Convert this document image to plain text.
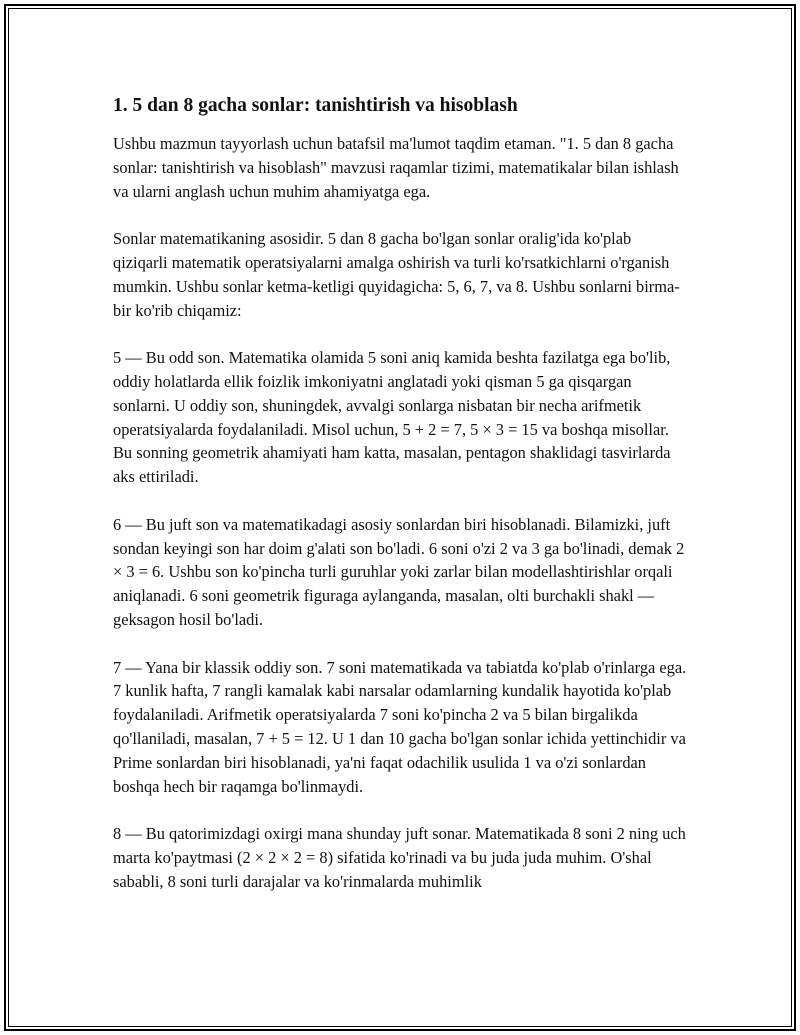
1. 5 dan 8 gacha sonlar: tanishtirish va hisoblash

Ushbu mazmun tayyorlash uchun batafsil ma'lumot taqdim etaman. "1. 5 dan 8 gacha sonlar: tanishtirish va hisoblash" mavzusi raqamlar tizimi, matematikalar bilan ishlash va ularni anglash uchun muhim ahamiyatga ega.

Sonlar matematikaning asosidir. 5 dan 8 gacha bo'lgan sonlar oralig'ida ko'plab qiziqarli matematik operatsiyalarni amalga oshirish va turli ko'rsatkichlarni o'rganish mumkin. Ushbu sonlar ketma-ketligi quyidagicha: 5, 6, 7, va 8. Ushbu sonlarni birma-bir ko'rib chiqamiz:

5 — Bu odd son. Matematika olamida 5 soni aniq kamida beshta fazilatga ega bo'lib, oddiy holatlarda ellik foizlik imkoniyatni anglatadi yoki qisman 5 ga qisqargan sonlarni. U oddiy son, shuningdek, avvalgi sonlarga nisbatan bir necha arifmetik operatsiyalarda foydalaniladi. Misol uchun, 5 + 2 = 7, 5 × 3 = 15 va boshqa misollar. Bu sonning geometrik ahamiyati ham katta, masalan, pentagon shaklidagi tasvirlarda aks ettiriladi.

6 — Bu juft son va matematikadagi asosiy sonlardan biri hisoblanadi. Bilamizki, juft sondan keyingi son har doim g'alati son bo'ladi. 6 soni o'zi 2 va 3 ga bo'linadi, demak 2 × 3 = 6. Ushbu son ko'pincha turli guruhlar yoki zarlar bilan modellashtirishlar orqali aniqlanadi. 6 soni geometrik figuraga aylanganda, masalan, olti burchakli shakl — geksagon hosil bo'ladi.

7 — Yana bir klassik oddiy son. 7 soni matematikada va tabiatda ko'plab o'rinlarga ega. 7 kunlik hafta, 7 rangli kamalak kabi narsalar odamlarning kundalik hayotida ko'plab foydalaniladi. Arifmetik operatsiyalarda 7 soni ko'pincha 2 va 5 bilan birgalikda qo'llaniladi, masalan, 7 + 5 = 12. U 1 dan 10 gacha bo'lgan sonlar ichida yettinchidir va Prime sonlardan biri hisoblanadi, ya'ni faqat odachilik usulida 1 va o'zi sonlardan boshqa hech bir raqamga bo'linmaydi.

8 — Bu qatorimizdagi oxirgi mana shunday juft sonar. Matematikada 8 soni 2 ning uch marta ko'paytmasi (2 × 2 × 2 = 8) sifatida ko'rinadi va bu juda juda muhim. O'shal sababli, 8 soni turli darajalar va ko'rinmalarda muhimlik
